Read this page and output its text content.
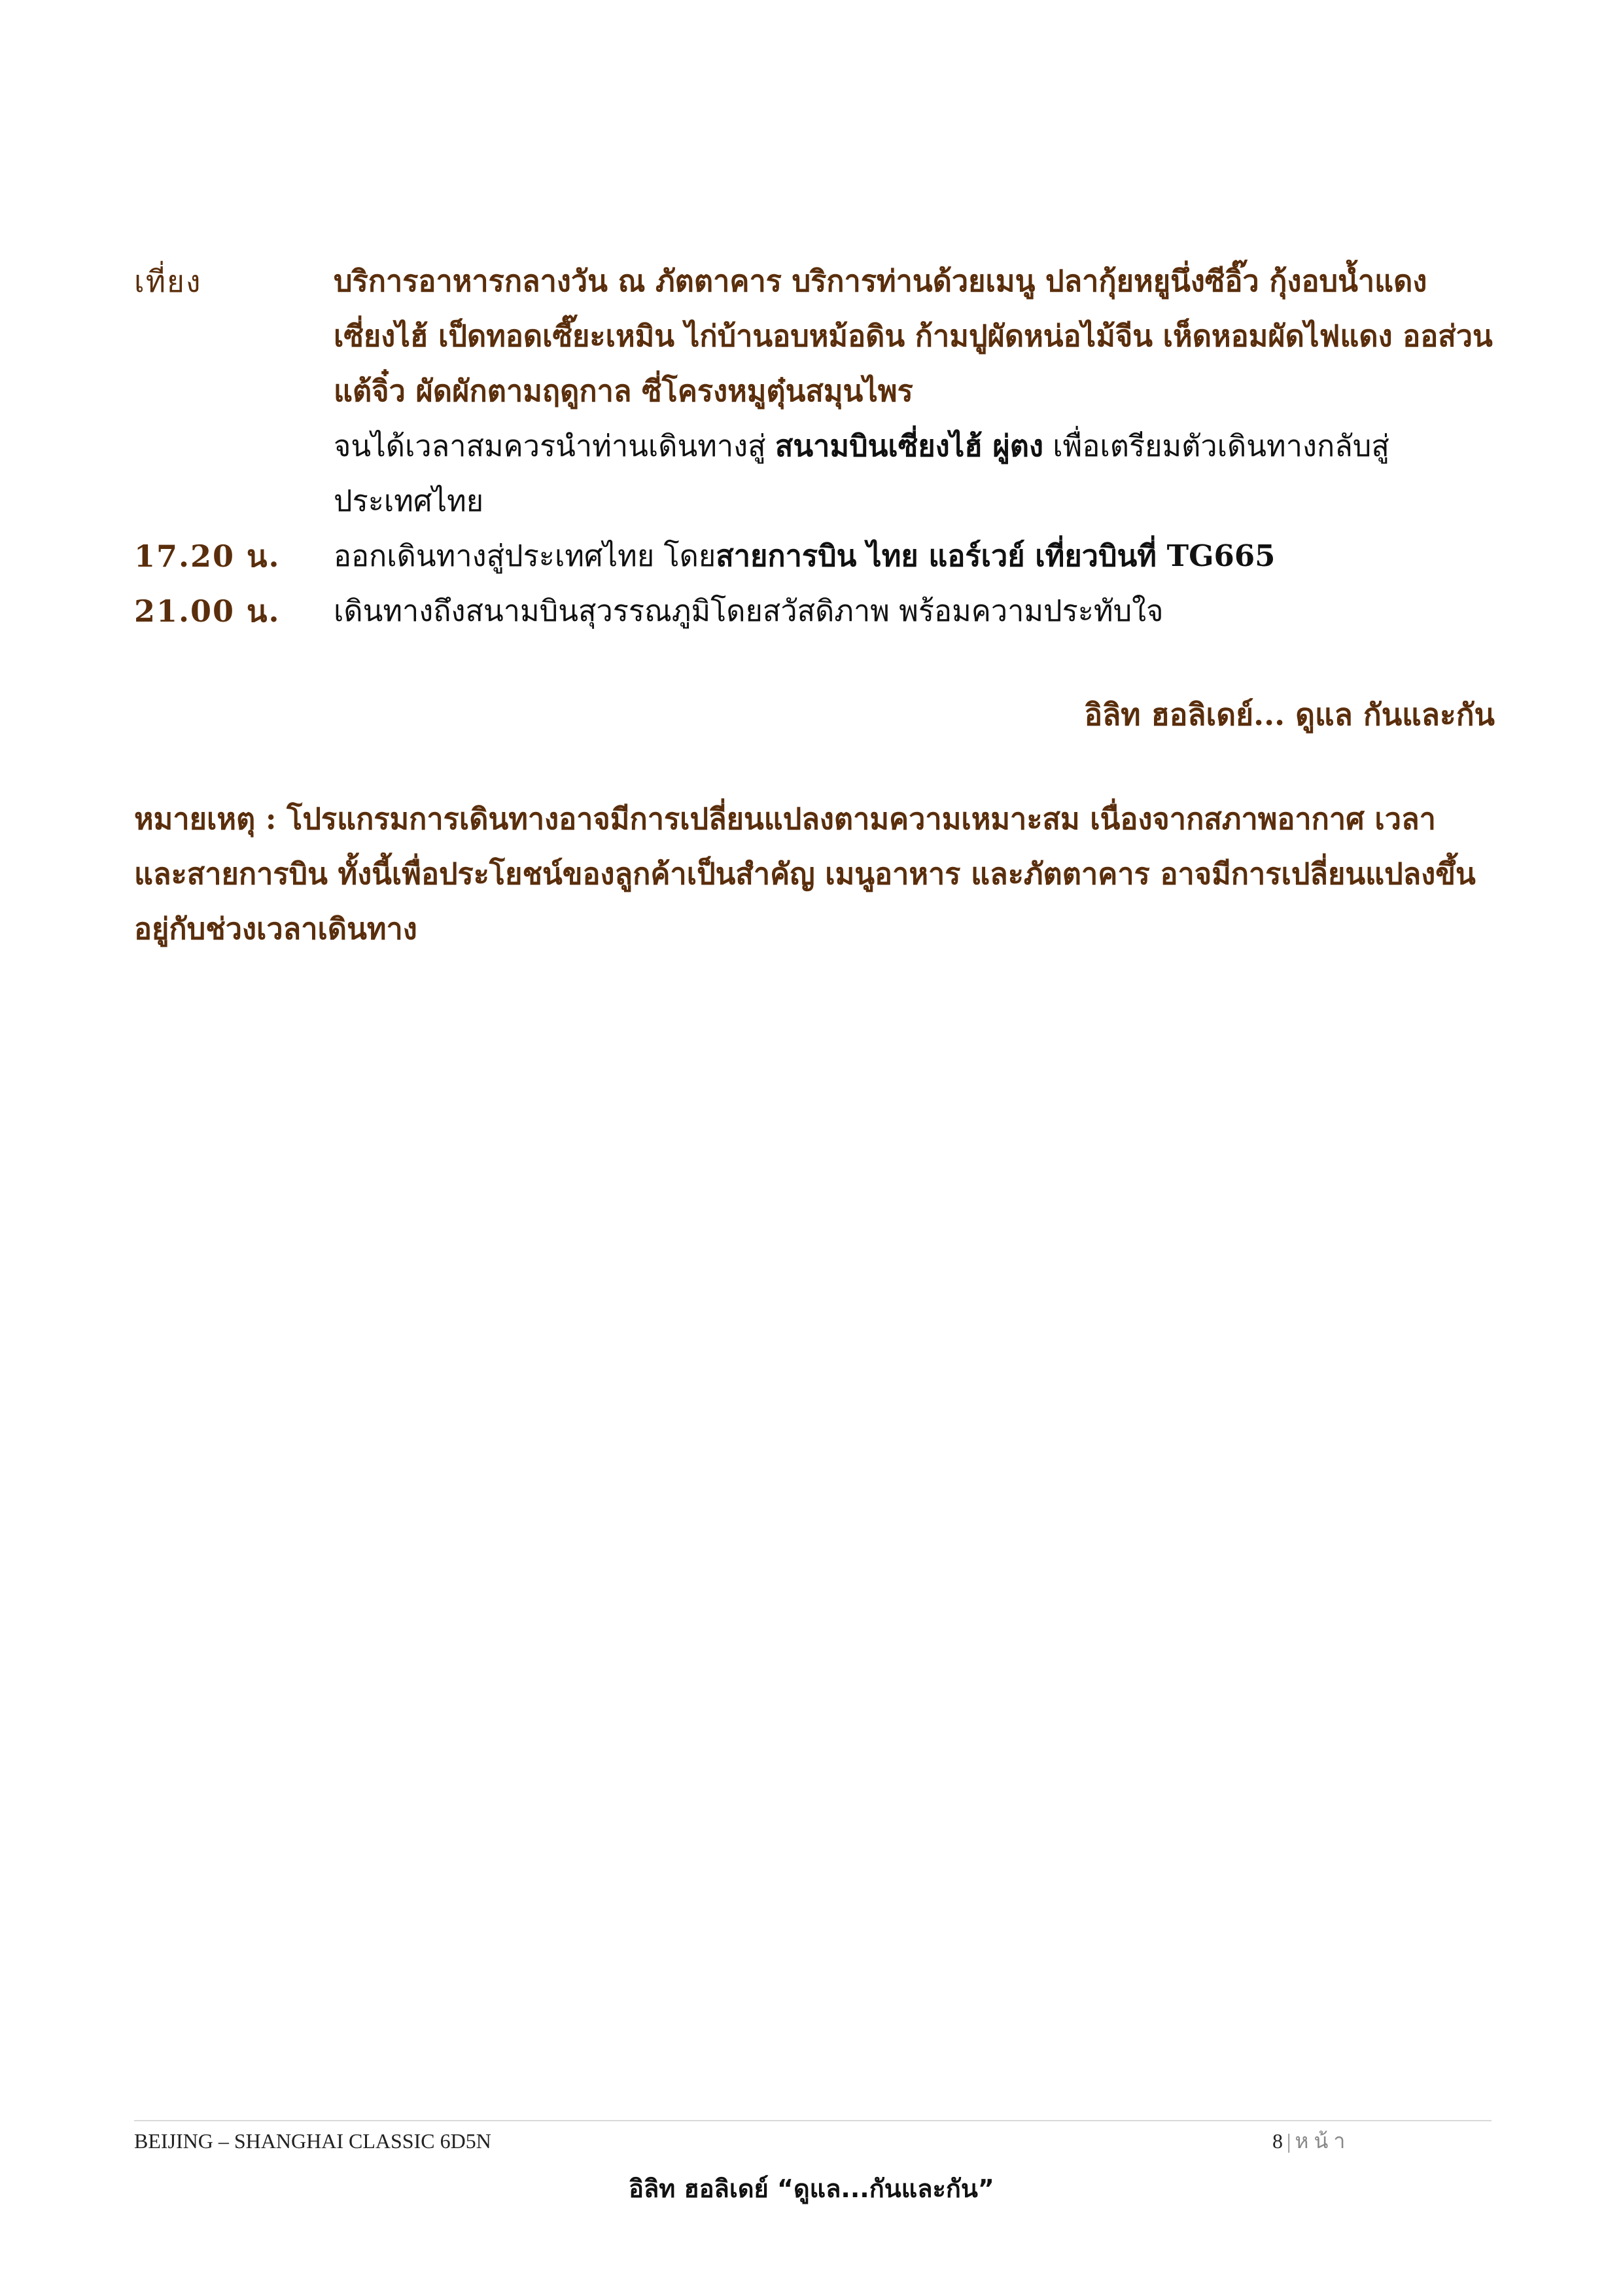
เที่ยง	บริการอาหารกลางวัน ณ ภัตตาคาร บริการท่านด้วยเมนู ปลากุ้ยหยูนึ่งซีอิ๊ว กุ้งอบน้ำแดงเซี่ยงไฮ้ เป็ดทอดเซี๊ยะเหมิน ไก่บ้านอบหม้อดิน ก้ามปูผัดหน่อไม้จีน เห็ดหอมผัดไฟแดง ออส่วนแต้จิ๋ว ผัดผักตามฤดูกาล ซี่โครงหมูตุ๋นสมุนไพร
จนได้เวลาสมควรนำท่านเดินทางสู่ สนามบินเซี่ยงไฮ้ ผู่ตง เพื่อเตรียมตัวเดินทางกลับสู่ประเทศไทย
17.20 น.	ออกเดินทางสู่ประเทศไทย โดยสายการบิน ไทย แอร์เวย์ เที่ยวบินที่ TG665
21.00 น.	เดินทางถึงสนามบินสุวรรณภูมิโดยสวัสดิภาพ พร้อมความประทับใจ
อิลิท ฮอลิเดย์... ดูแล กันและกัน
หมายเหตุ : โปรแกรมการเดินทางอาจมีการเปลี่ยนแปลงตามความเหมาะสม เนื่องจากสภาพอากาศ เวลา และสายการบิน ทั้งนี้เพื่อประโยชน์ของลูกค้าเป็นสำคัญ เมนูอาหาร และภัตตาคาร อาจมีการเปลี่ยนแปลงขึ้นอยู่กับช่วงเวลาเดินทาง
BEIJING – SHANGHAI CLASSIC 6D5N	8 | หน้า
อิลิท ฮอลิเดย์ “ดูแล...กันและกัน”
